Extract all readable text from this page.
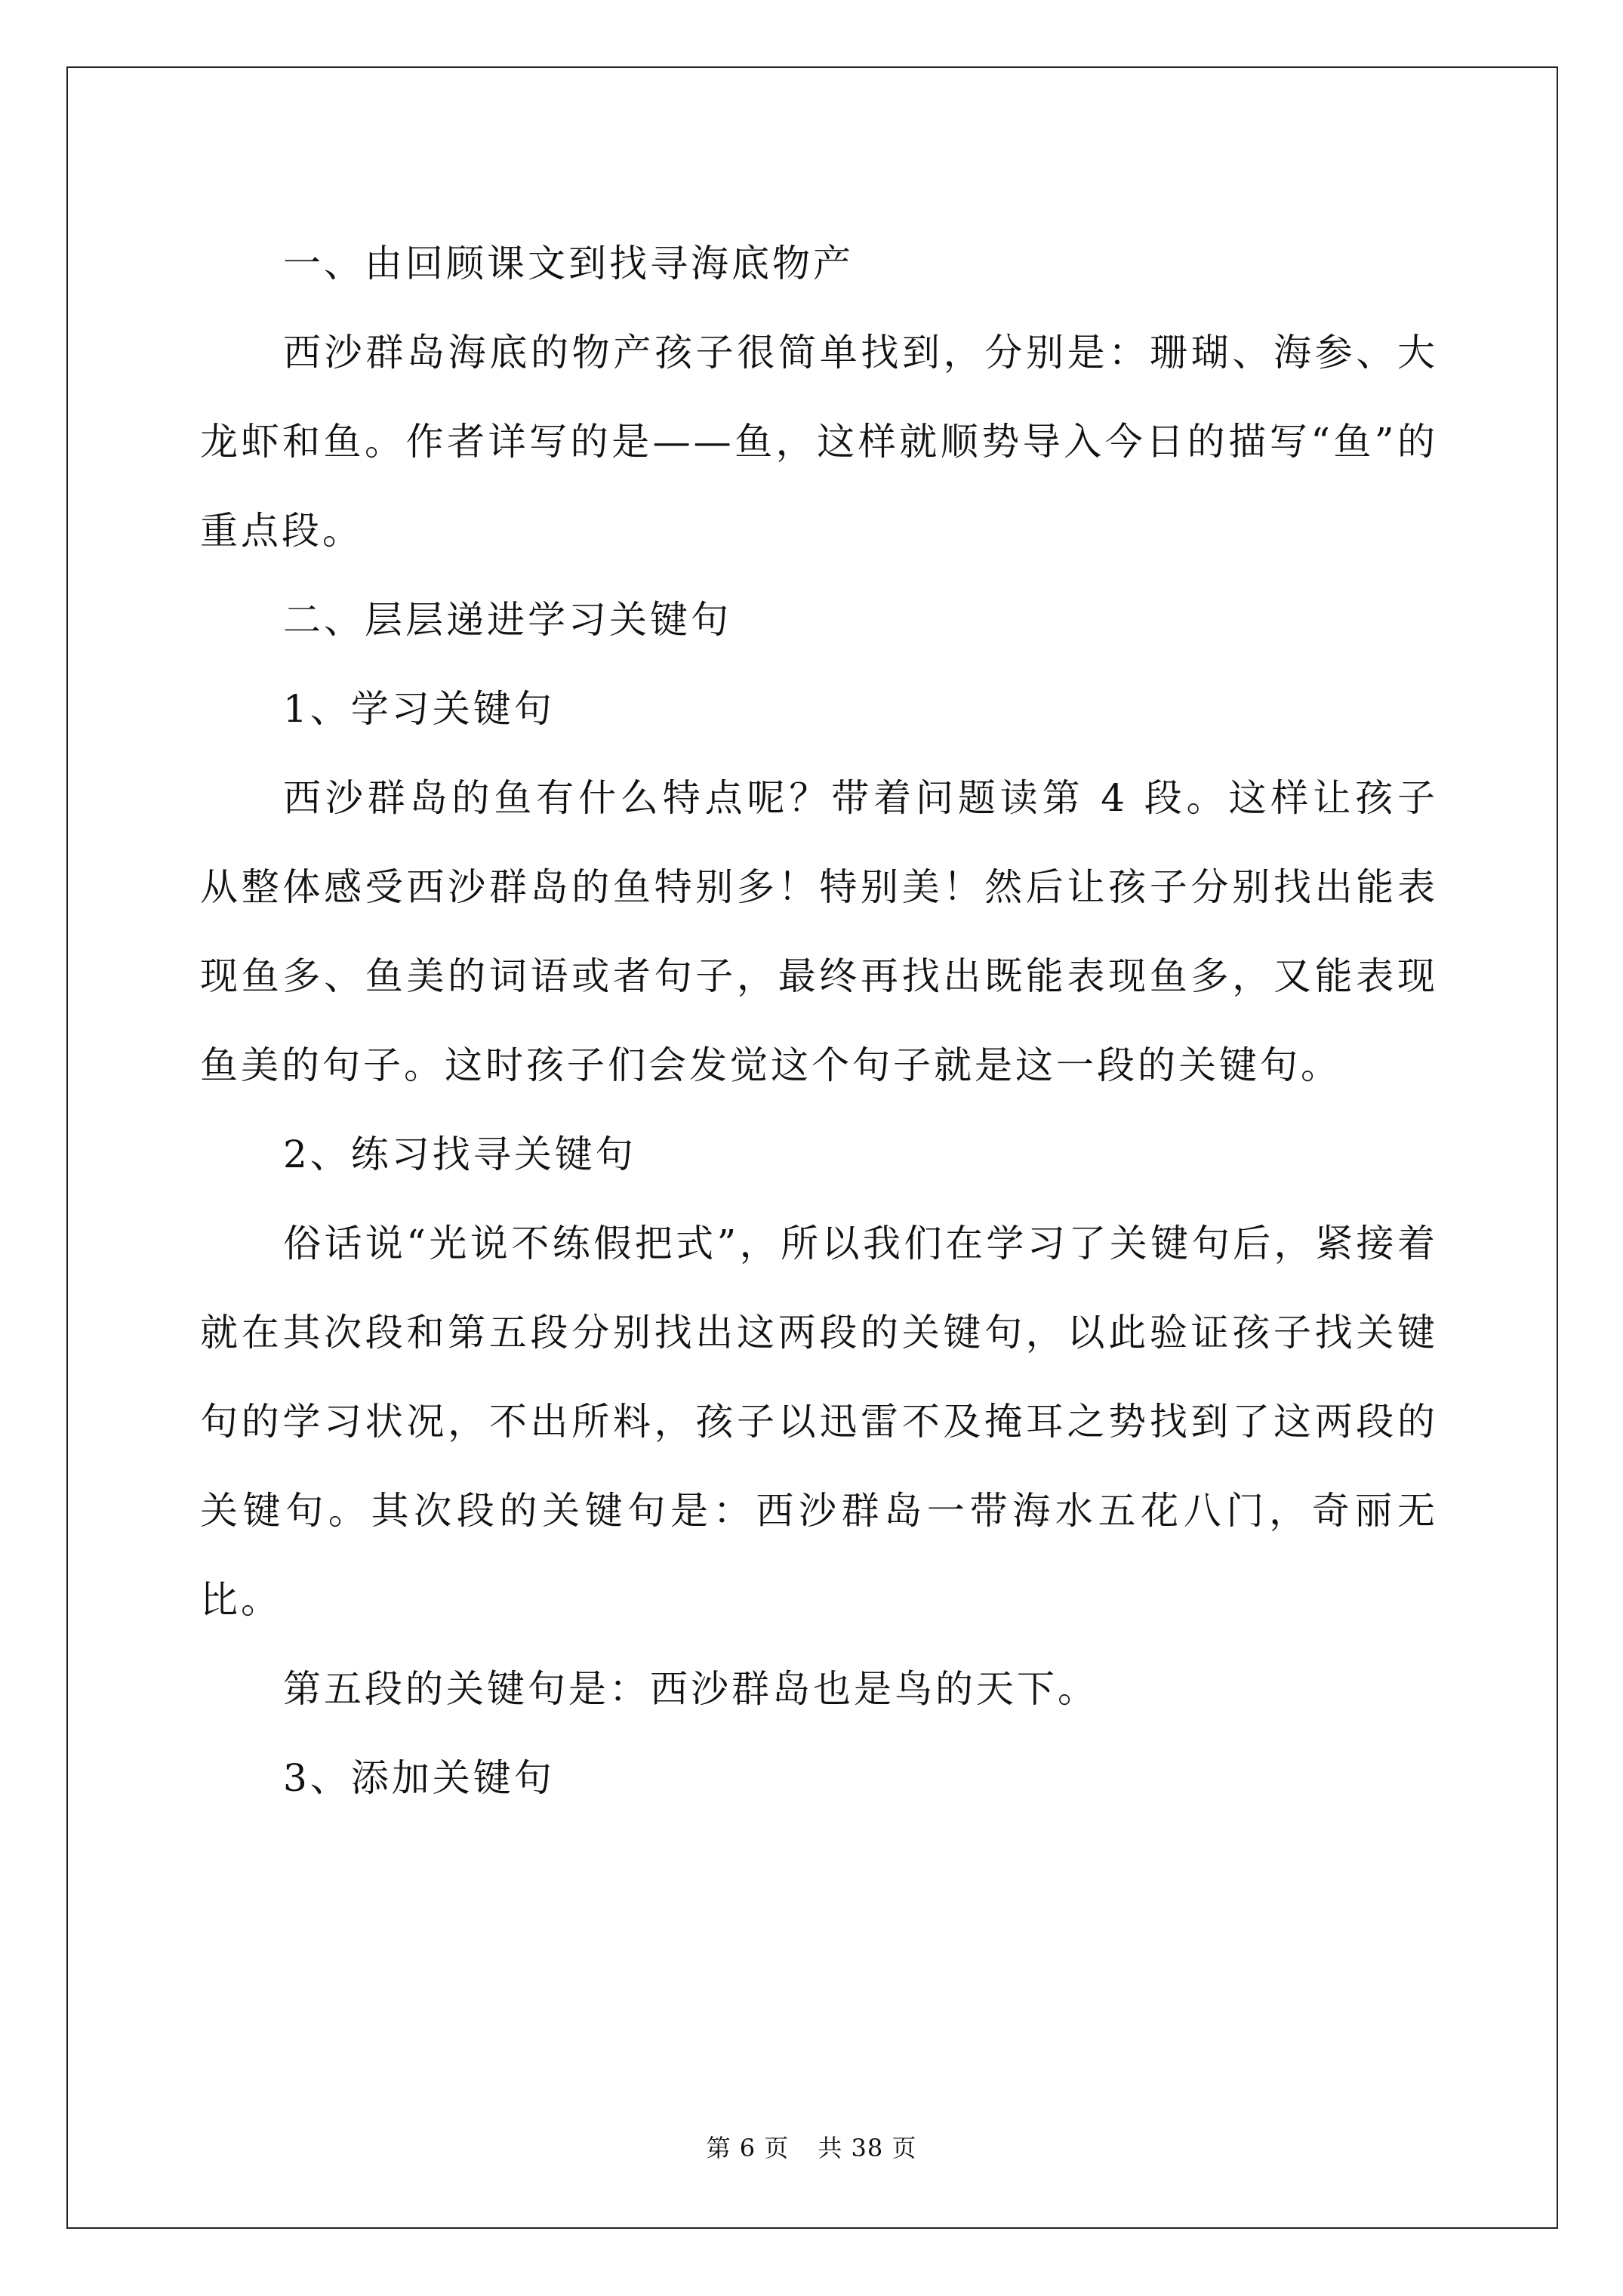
一、由回顾课文到找寻海底物产

西沙群岛海底的物产孩子很简单找到，分别是：珊瑚、海参、大龙虾和鱼。作者详写的是——鱼，这样就顺势导入今日的描写“鱼”的重点段。

二、层层递进学习关键句

1、学习关键句

西沙群岛的鱼有什么特点呢？带着问题读第 4 段。这样让孩子从整体感受西沙群岛的鱼特别多！特别美！然后让孩子分别找出能表现鱼多、鱼美的词语或者句子，最终再找出既能表现鱼多，又能表现鱼美的句子。这时孩子们会发觉这个句子就是这一段的关键句。

2、练习找寻关键句

俗话说“光说不练假把式”，所以我们在学习了关键句后，紧接着就在其次段和第五段分别找出这两段的关键句，以此验证孩子找关键句的学习状况，不出所料，孩子以迅雷不及掩耳之势找到了这两段的关键句。其次段的关键句是：西沙群岛一带海水五花八门，奇丽无比。

第五段的关键句是：西沙群岛也是鸟的天下。

3、添加关键句

第 6 页 共 38 页
